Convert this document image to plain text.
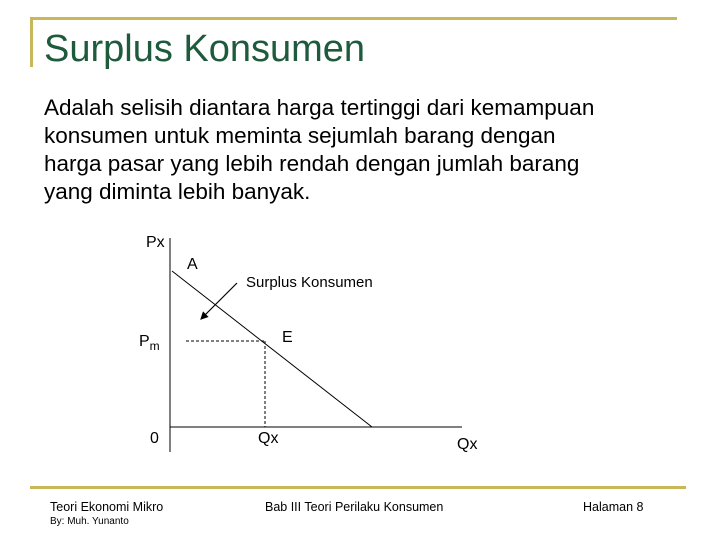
Surplus Konsumen
Adalah selisih diantara harga tertinggi dari kemampuan
konsumen untuk meminta sejumlah barang dengan
harga pasar yang lebih rendah dengan jumlah barang
yang diminta lebih banyak.
Px
A
Surplus Konsumen
E
$P_m$
0	Qx	Qx
Teori Ekonomi Mikro
By: Muh. Yunanto
Bab III Teori Perilaku Konsumen	Halaman 8
